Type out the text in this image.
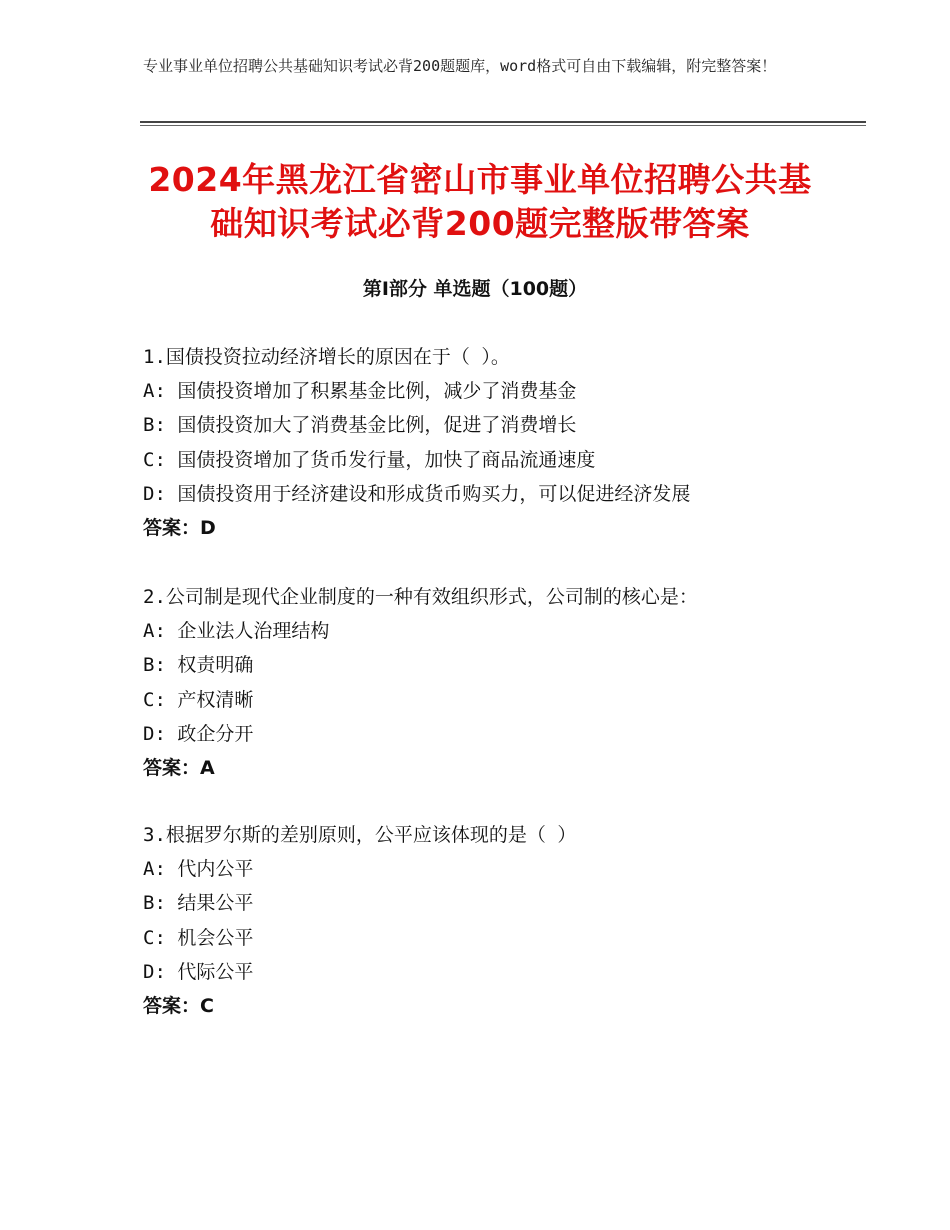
专业事业单位招聘公共基础知识考试必背200题题库，word格式可自由下载编辑，附完整答案！
2024年黑龙江省密山市事业单位招聘公共基
础知识考试必背200题完整版带答案
第Ⅰ部分 单选题（100题）
1.国债投资拉动经济增长的原因在于（ ）。
A: 国债投资增加了积累基金比例，减少了消费基金
B: 国债投资加大了消费基金比例，促进了消费增长
C: 国债投资增加了货币发行量，加快了商品流通速度
D: 国债投资用于经济建设和形成货币购买力，可以促进经济发展
答案：D
2.公司制是现代企业制度的一种有效组织形式，公司制的核心是：
A: 企业法人治理结构
B: 权责明确
C: 产权清晰
D: 政企分开
答案：A
3.根据罗尔斯的差别原则，公平应该体现的是（ ）
A: 代内公平
B: 结果公平
C: 机会公平
D: 代际公平
答案：C
